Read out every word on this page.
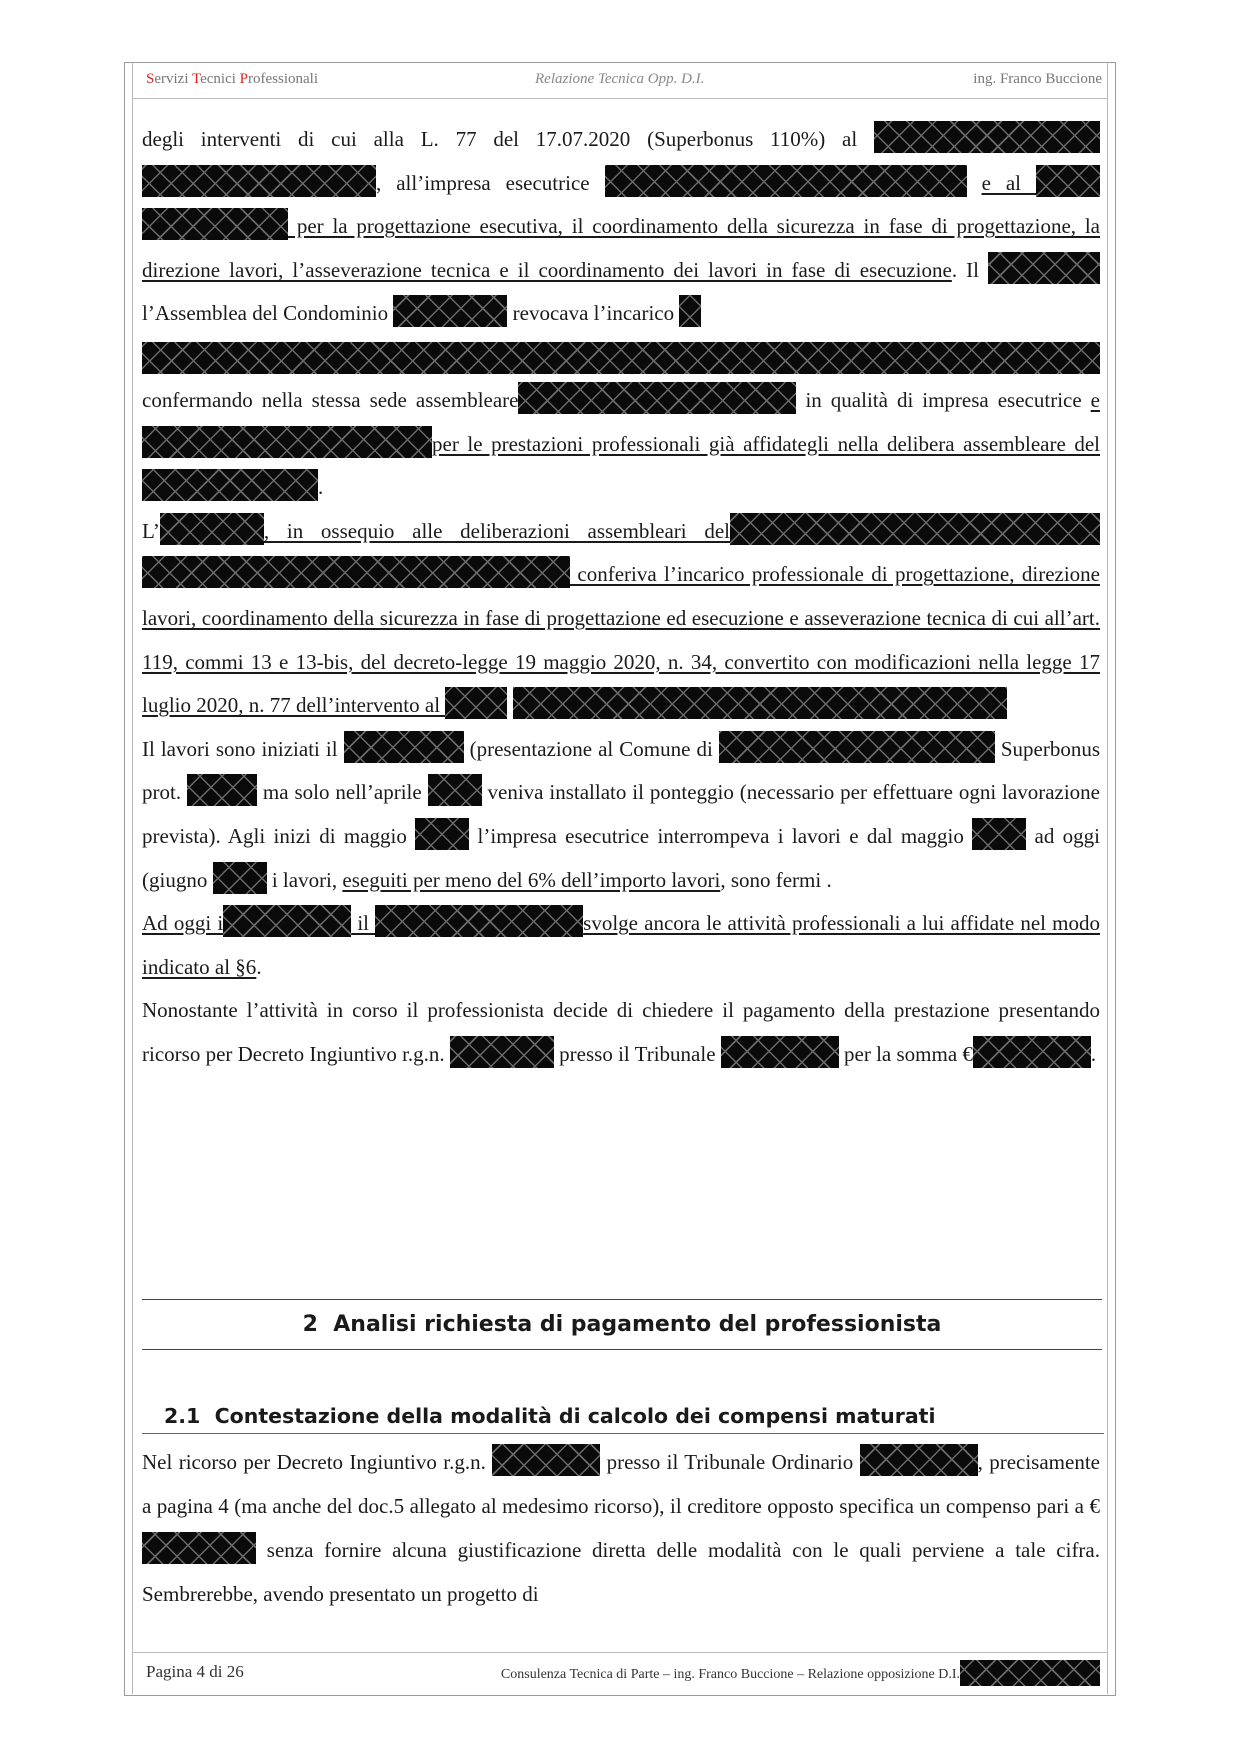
Servizi Tecnici Professionali	Relazione Tecnica Opp. D.I.	ing. Franco Buccione

degli interventi di cui alla L. 77 del 17.07.2020 (Superbonus 110%) al  , all’impresa esecutrice	e al   per la progettazione esecutiva, il coordinamento della sicurezza in fase di progettazione, la direzione lavori, l’asseverazione tecnica e il coordinamento dei lavori in fase di esecuzione. Il  l’Assemblea del Condominio	revocava l’incarico
confermando nella stessa sede assembleare	in qualità di impresa esecutrice e per le prestazioni professionali già affidategli nella delibera assembleare del.

L’	, in ossequio alle deliberazioni assembleari del  conferiva l’incarico professionale di progettazione, direzione lavori, coordinamento della sicurezza in fase di progettazione ed esecuzione e asseverazione tecnica di cui all’art. 119, commi 13 e 13-bis, del decreto-legge 19 maggio 2020, n. 34, convertito con modificazioni nella legge 17 luglio 2020, n. 77 dell’intervento al

Il lavori sono iniziati il	(presentazione al Comune di	Superbonus prot.	ma solo nell’aprile	veniva installato il ponteggio (necessario per effettuare ogni lavorazione prevista). Agli inizi di maggio	l’impresa esecutrice interrompeva i lavori e dal maggio	ad oggi (giugno	i lavori, eseguiti per meno del 6% dell’importo lavori, sono fermi .

Ad oggi i	il	svolge ancora le attività professionali a lui affidate nel modo indicato al §6.

Nonostante l’attività in corso il professionista decide di chiedere il pagamento della prestazione presentando ricorso per Decreto Ingiuntivo r.g.n.	presso il Tribunale	per la somma €	.

2 Analisi richiesta di pagamento del professionista
2.1 Contestazione della modalità di calcolo dei compensi maturati
Nel ricorso per Decreto Ingiuntivo r.g.n.	presso il Tribunale Ordinario	, precisamente a pagina 4 (ma anche del doc.5 allegato al medesimo ricorso), il creditore opposto specifica un compenso pari a €  senza fornire alcuna giustificazione diretta delle modalità con le quali perviene a tale cifra. Sembrerebbe, avendo presentato un progetto di
Pagina 4 di 26	Consulenza Tecnica di Parte – ing. Franco Buccione – Relazione opposizione D.I.
